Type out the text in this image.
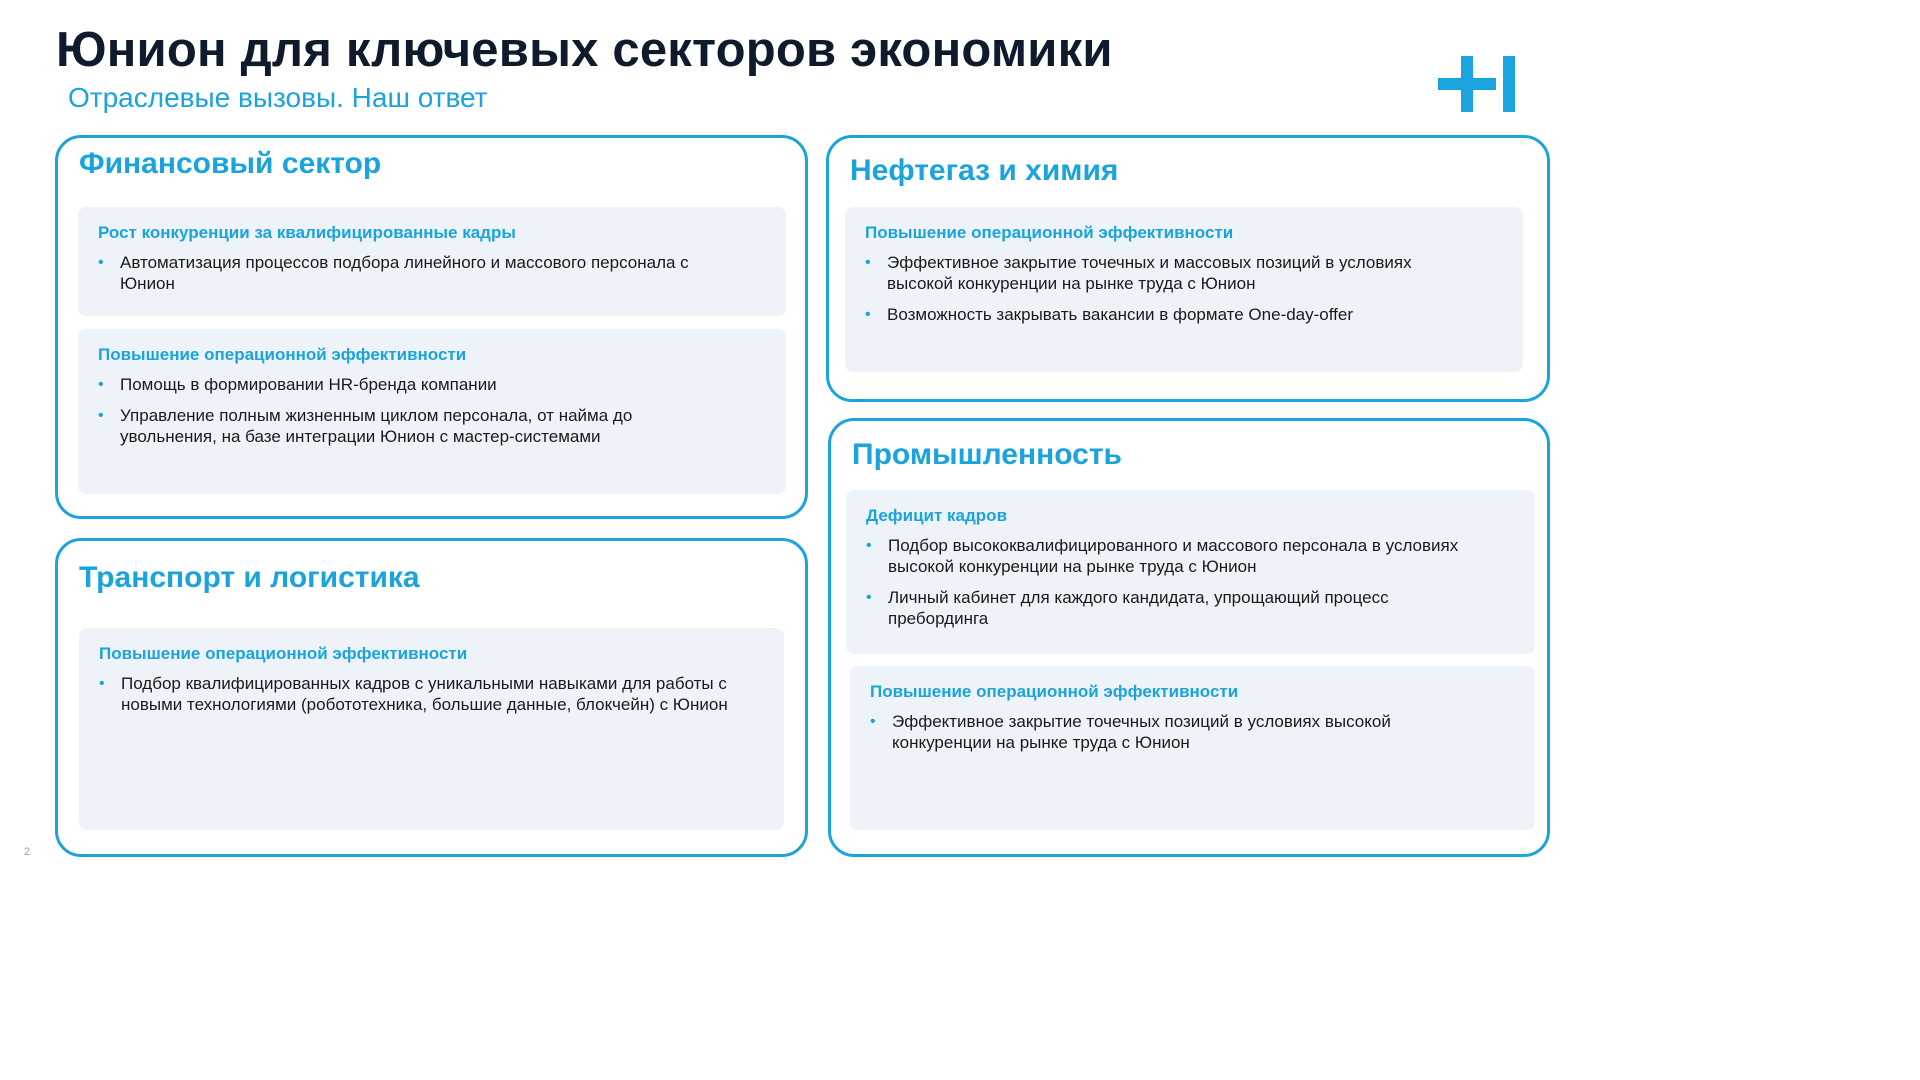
Юнион для ключевых секторов экономики
Отраслевые вызовы. Наш ответ
Финансовый сектор
Рост конкуренции за квалифицированные кадры
• Автоматизация процессов подбора линейного и массового персонала с Юнион
Повышение операционной эффективности
• Помощь в формировании HR-бренда компании
• Управление полным жизненным циклом персонала, от найма до увольнения, на базе интеграции Юнион с мастер-системами
Транспорт и логистика
Повышение операционной эффективности
• Подбор квалифицированных кадров с уникальными навыками для работы с новыми технологиями (робототехника, большие данные, блокчейн) с Юнион
Нефтегаз и химия
Повышение операционной эффективности
• Эффективное закрытие точечных и массовых позиций в условиях высокой конкуренции на рынке труда с Юнион
• Возможность закрывать вакансии в формате One-day-offer
Промышленность
Дефицит кадров
• Подбор высококвалифицированного и массового персонала в условиях высокой конкуренции на рынке труда с Юнион
• Личный кабинет для каждого кандидата, упрощающий процесс пребординга
Повышение операционной эффективности
• Эффективное закрытие точечных позиций в условиях высокой конкуренции на рынке труда с Юнион
2
